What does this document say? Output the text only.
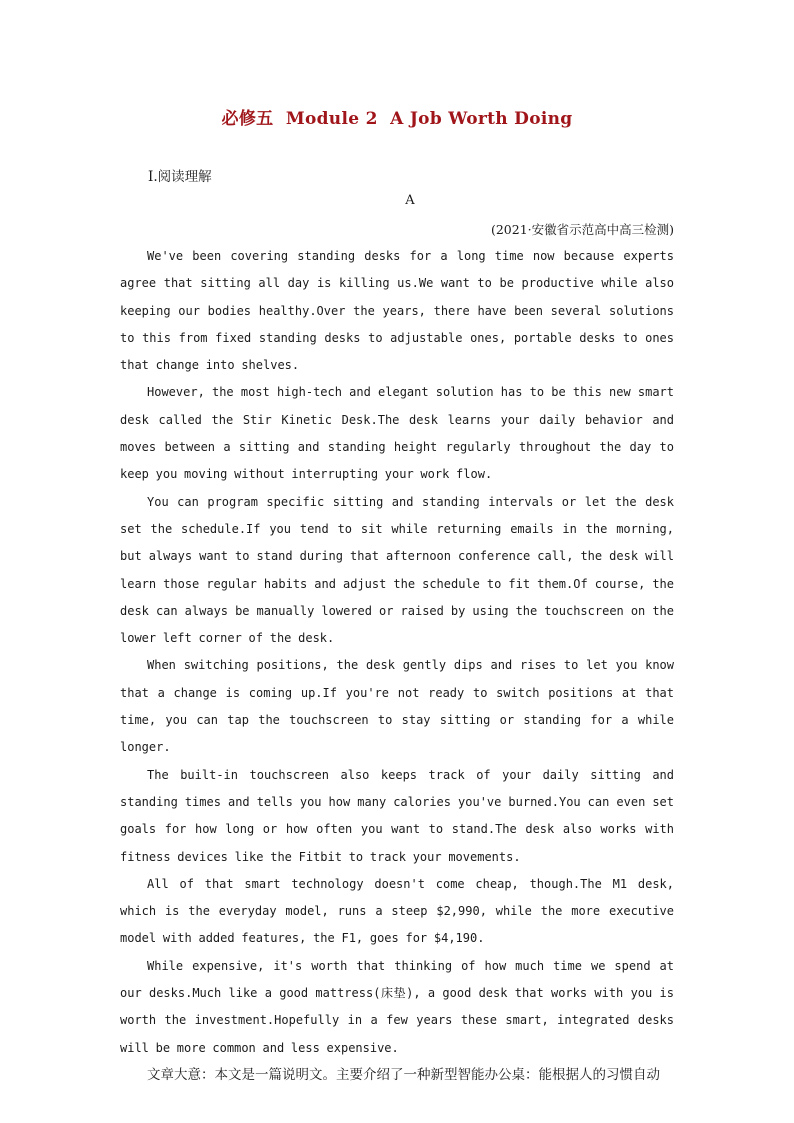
必修五  Module 2  A Job Worth Doing
Ⅰ.阅读理解
A
(2021·安徽省示范高中高三检测)

We've been covering standing desks for a long time now because experts agree that sitting all day is killing us.We want to be productive while also keeping our bodies healthy.Over the years, there have been several solutions to this from fixed standing desks to adjustable ones, portable desks to ones that change into shelves.

However, the most high-tech and elegant solution has to be this new smart desk called the Stir Kinetic Desk.The desk learns your daily behavior and moves between a sitting and standing height regularly throughout the day to keep you moving without interrupting your work flow.

You can program specific sitting and standing intervals or let the desk set the schedule.If you tend to sit while returning emails in the morning, but always want to stand during that afternoon conference call, the desk will learn those regular habits and adjust the schedule to fit them.Of course, the desk can always be manually lowered or raised by using the touchscreen on the lower left corner of the desk.

When switching positions, the desk gently dips and rises to let you know that a change is coming up.If you're not ready to switch positions at that time, you can tap the touchscreen to stay sitting or standing for a while longer.

The built-in touchscreen also keeps track of your daily sitting and standing times and tells you how many calories you've burned.You can even set goals for how long or how often you want to stand.The desk also works with fitness devices like the Fitbit to track your movements.

All of that smart technology doesn't come cheap, though.The M1 desk, which is the everyday model, runs a steep $2,990, while the more executive model with added features, the F1, goes for $4,190.

While expensive, it's worth that thinking of how much time we spend at our desks.Much like a good mattress(床垫), a good desk that works with you is worth the investment.Hopefully in a few years these smart, integrated desks will be more common and less expensive.

文章大意：本文是一篇说明文。主要介绍了一种新型智能办公桌：能根据人的习惯自动
